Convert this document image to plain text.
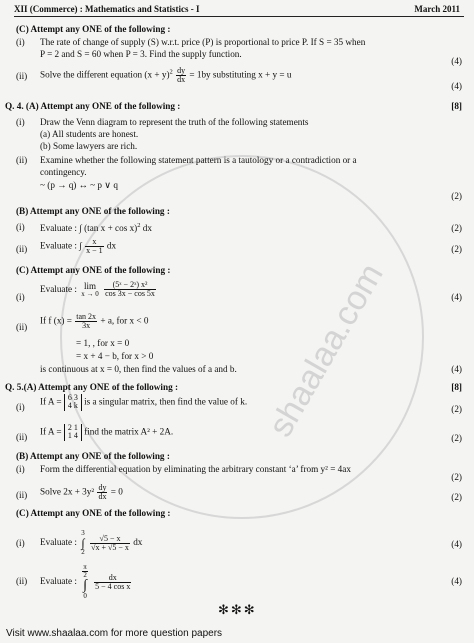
shaalaa.com
XII (Commerce) : Mathematics and Statistics - I	March 2011
(C) Attempt any ONE of the following :
(i) The rate of change of supply (S) w.r.t. price (P) is proportional to price P. If S = 35 when
P = 2 and S = 60 when P = 3. Find the supply function.
(4)
(ii) Solve the different equation $(x + y)^2 \frac{dy}{dx} = 1by$ substituting x + y = u
(4)
Q. 4. (A) Attempt any ONE of the following :	[8]
(i) Draw the Venn diagram to represent the truth of the following statements
(a) All students are honest.
(b) Some lawyers are rich.
(ii) Examine whether the following statement pattern is a tautology or a contradiction or a
contingency.
~ (p → q) ↔ ~ p ∨ q
(2)
(B) Attempt any ONE of the following :
(i) Evaluate : ∫ (tan x + cos x)$^2$ dx	(2)
(ii) Evaluate : ∫ $\frac{x}{x - 1}$ dx	(2)
(C) Attempt any ONE of the following :
(i)
Evaluate : lim
x → 0
$\frac{\text{(5ˣ − 2ˣ) x²}}{\cos 3x - \cos 5x}$	(4)
(ii)
If f $(x) = \frac{\tan 2x}{3x} + a$, for x < 0
= 1, , for x = 0
= x + 4 − b, for x > 0
is continuous at x = 0, then find the values of a and b.	(4)
Q. 5.(A) Attempt any ONE of the following :	[8]
(i)
If A = 6 3
4 k is a singular matrix, then find the value of k.
(2)
(ii)
If A = 2 1
1 4 find the matrix A² + 2A.
(2)
(B) Attempt any ONE of the following :
(i) Form the differential equation by eliminating the arbitrary constant ‘a’ from y² = 4ax
(2)
(ii) Solve $2x + 3y^2 \frac{dy}{dx} = 0$
(2)
(C) Attempt any ONE of the following :
(i) Evaluate :
3
∫
2

$\frac{√5 - x}{√x + √5 - x}$ dx	(4)
(ii) Evaluate :
π
2
∫
0

$\frac{dx}{\text{5 − 4 cos x}}$	(4)
✻✻✻
Visit www.shaalaa.com for more question papers
